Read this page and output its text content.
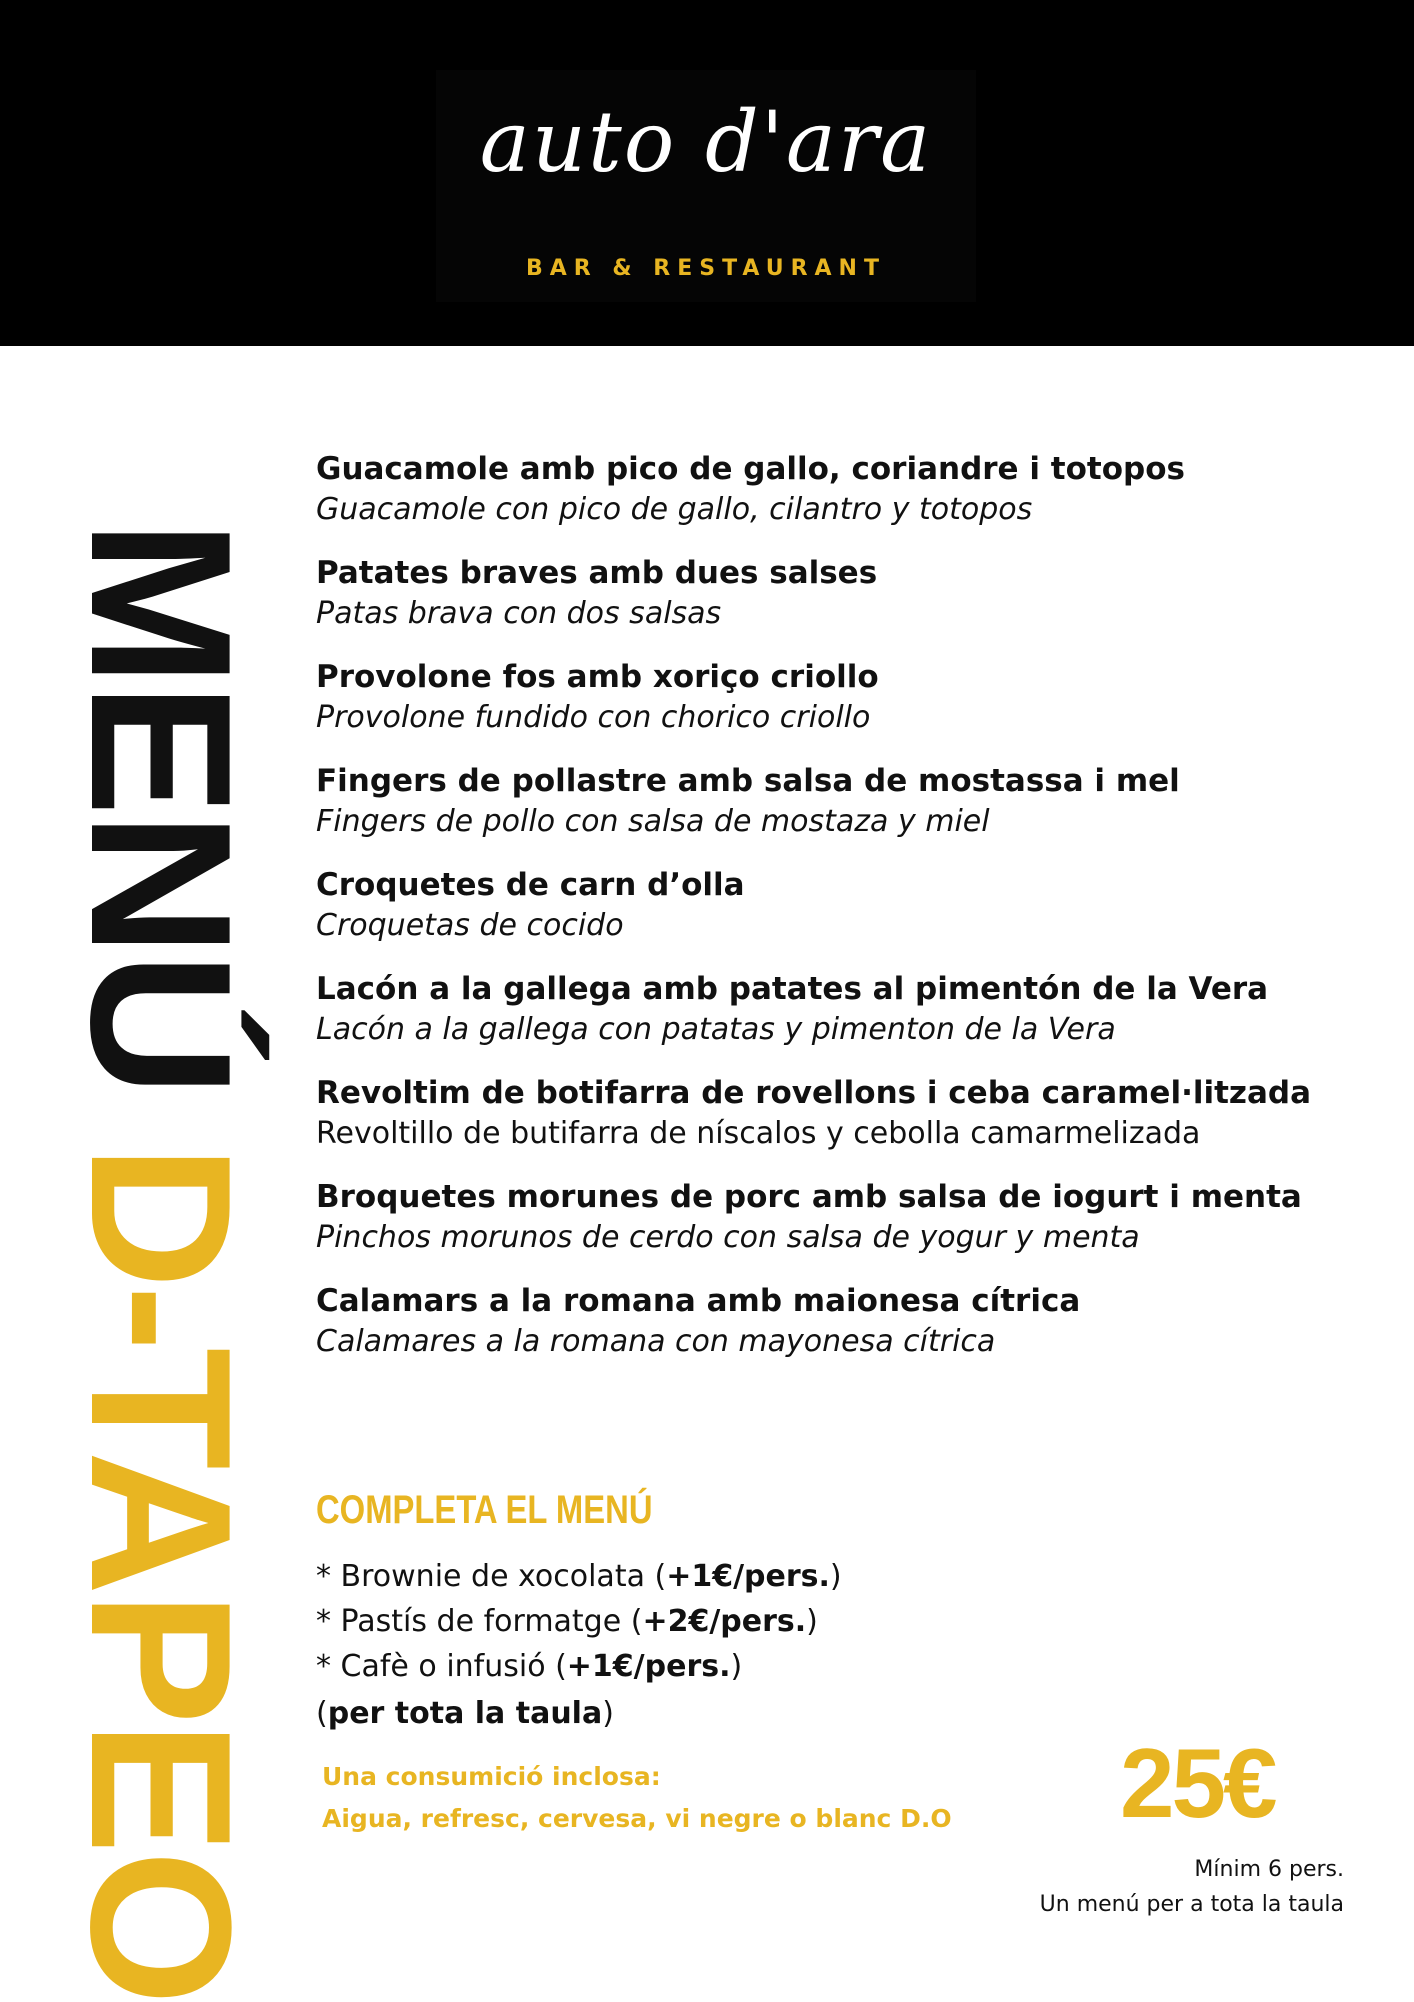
auto d'ara
BAR & RESTAURANT
MENÚ D-TAPEO
Guacamole amb pico de gallo, coriandre i totopos
Guacamole con pico de gallo, cilantro y totopos
Patates braves amb dues salses
Patas brava con dos salsas
Provolone fos amb xoriço criollo
Provolone fundido con chorico criollo
Fingers de pollastre amb salsa de mostassa i mel
Fingers de pollo con salsa de mostaza y miel
Croquetes de carn d’olla
Croquetas de cocido
Lacón a la gallega amb patates al pimentón de la Vera
Lacón a la gallega con patatas y pimenton de la Vera
Revoltim de botifarra de rovellons i ceba caramel·litzada
Revoltillo de butifarra de níscalos y cebolla camarmelizada
Broquetes morunes de porc amb salsa de iogurt i menta
Pinchos morunos de cerdo con salsa de yogur y menta
Calamars a la romana amb maionesa cítrica
Calamares a la romana con mayonesa cítrica
COMPLETA EL MENÚ
* Brownie de xocolata (+1€/pers.)
* Pastís de formatge (+2€/pers.)
* Cafè o infusió (+1€/pers.)
(per tota la taula)
Una consumició inclosa:
Aigua, refresc, cervesa, vi negre o blanc D.O 25€
Mínim 6 pers.
Un menú per a tota la taula
